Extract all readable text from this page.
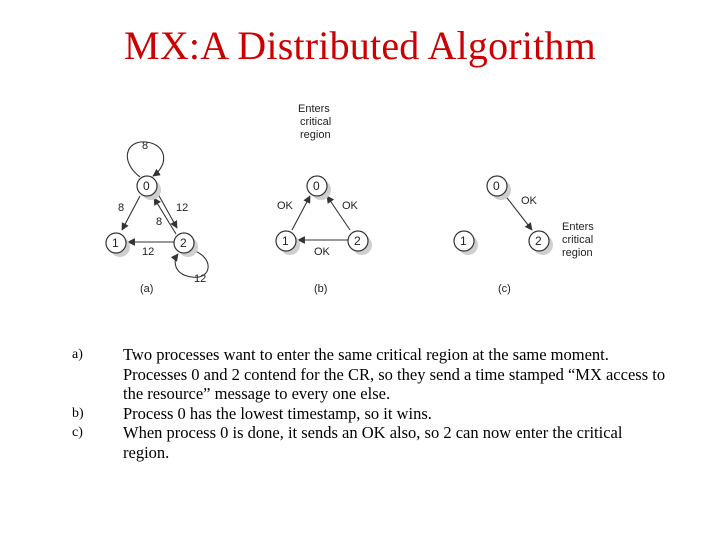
MX:A Distributed Algorithm
8
8	12
8
12
12
0
1	2
(a)
Enters
critical
region
OK	OK
OK
0
1	2
(b)
OK
0
1	2
Enters
critical
region
(c)
a)	Two processes want to enter the same critical region at the same moment. Processes 0 and 2 contend for the CR, so they send a time stamped “MX access to the resource” message to every one else.
b)	Process 0 has the lowest timestamp, so it wins.
c)	When process 0 is done, it sends an OK also, so 2 can now enter the critical region.
